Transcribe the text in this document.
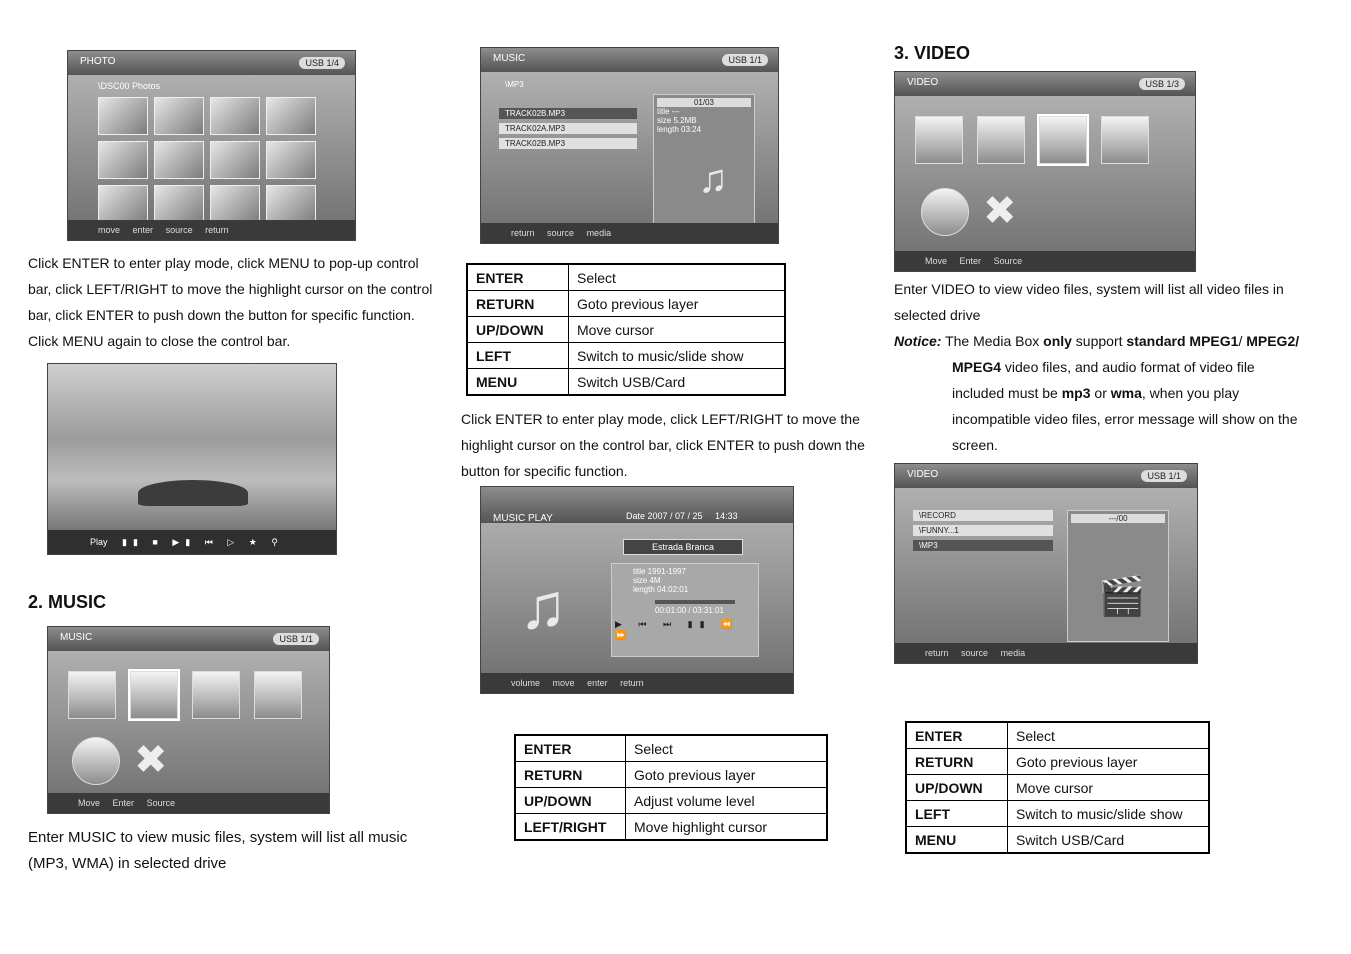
PHOTO	USB 1/4
\DSC00 Photos
move enter source return

Click ENTER to enter play mode, click MENU to pop-up control

bar, click LEFT/RIGHT to move the highlight cursor on the control

bar, click ENTER to push down the button for specific function.

Click MENU again to close the control bar.

Play ▮▮ ■ ▶▮ ⏮ ▷ ★ ⚲
2. MUSIC
MUSIC	USB 1/1
✖
Move Enter Source

Enter MUSIC to view music files, system will list all music

(MP3, WMA) in selected drive

MUSIC	USB 1/1
\MP3
TRACK02B.MP3
TRACK02A.MP3
TRACK02B.MP3
01/03
title ---
size 5.2MB
length 03:24
♫
return source media
ENTER	Select
RETURN	Goto previous layer
UP/DOWN	Move cursor
LEFT	Switch to music/slide show
MENU	Switch USB/Card

Click ENTER to enter play mode, click LEFT/RIGHT to move the

highlight cursor on the control bar, click ENTER to push down the

button for specific function.

MUSIC PLAY	Date 2007 / 07 / 25     14:33
♫
Estrada Branca
title 1991-1997
size 4M
length 04:02:01
00:01:00 / 03:31:01
▶ ⏮ ⏭ ▮▮ ⏪ ⏩
volume move enter return
ENTER	Select
RETURN	Goto previous layer
UP/DOWN	Adjust volume level
LEFT/RIGHT	Move highlight cursor
3. VIDEO
VIDEO	USB 1/3
✖
Move Enter Source

Enter VIDEO to view video files, system will list all video files in

selected drive

Notice: The Media Box only support standard MPEG1/ MPEG2/

MPEG4 video files, and audio format of video file

included must be mp3 or wma, when you play

incompatible video files, error message will show on the

screen.

VIDEO	USB 1/1
\RECORD
\FUNNY...1
\MP3
---/00
🎬
return source media
ENTER	Select
RETURN	Goto previous layer
UP/DOWN	Move cursor
LEFT	Switch to music/slide show
MENU	Switch USB/Card
